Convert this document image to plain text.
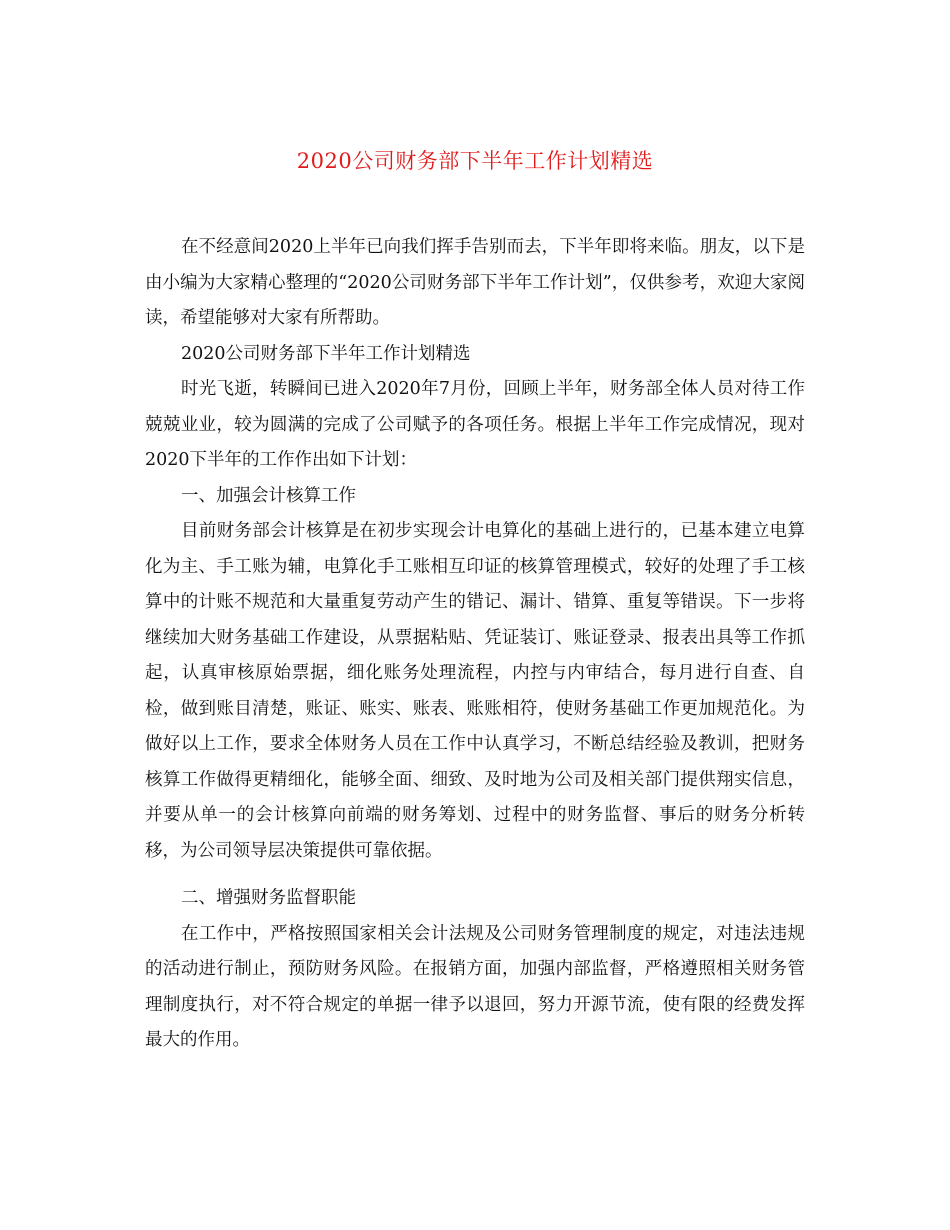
2020公司财务部下半年工作计划精选

在不经意间2020上半年已向我们挥手告别而去，下半年即将来临。朋友，以下是由小编为大家精心整理的“2020公司财务部下半年工作计划”，仅供参考，欢迎大家阅读，希望能够对大家有所帮助。

2020公司财务部下半年工作计划精选

时光飞逝，转瞬间已进入2020年7月份，回顾上半年，财务部全体人员对待工作兢兢业业，较为圆满的完成了公司赋予的各项任务。根据上半年工作完成情况，现对2020下半年的工作作出如下计划：

一、加强会计核算工作

目前财务部会计核算是在初步实现会计电算化的基础上进行的，已基本建立电算化为主、手工账为辅，电算化手工账相互印证的核算管理模式，较好的处理了手工核算中的计账不规范和大量重复劳动产生的错记、漏计、错算、重复等错误。下一步将继续加大财务基础工作建设，从票据粘贴、凭证装订、账证登录、报表出具等工作抓起，认真审核原始票据，细化账务处理流程，内控与内审结合，每月进行自查、自检，做到账目清楚，账证、账实、账表、账账相符，使财务基础工作更加规范化。为做好以上工作，要求全体财务人员在工作中认真学习，不断总结经验及教训，把财务核算工作做得更精细化，能够全面、细致、及时地为公司及相关部门提供翔实信息，并要从单一的会计核算向前端的财务筹划、过程中的财务监督、事后的财务分析转移，为公司领导层决策提供可靠依据。

二、增强财务监督职能

在工作中，严格按照国家相关会计法规及公司财务管理制度的规定，对违法违规的活动进行制止，预防财务风险。在报销方面，加强内部监督，严格遵照相关财务管理制度执行，对不符合规定的单据一律予以退回，努力开源节流，使有限的经费发挥最大的作用。
